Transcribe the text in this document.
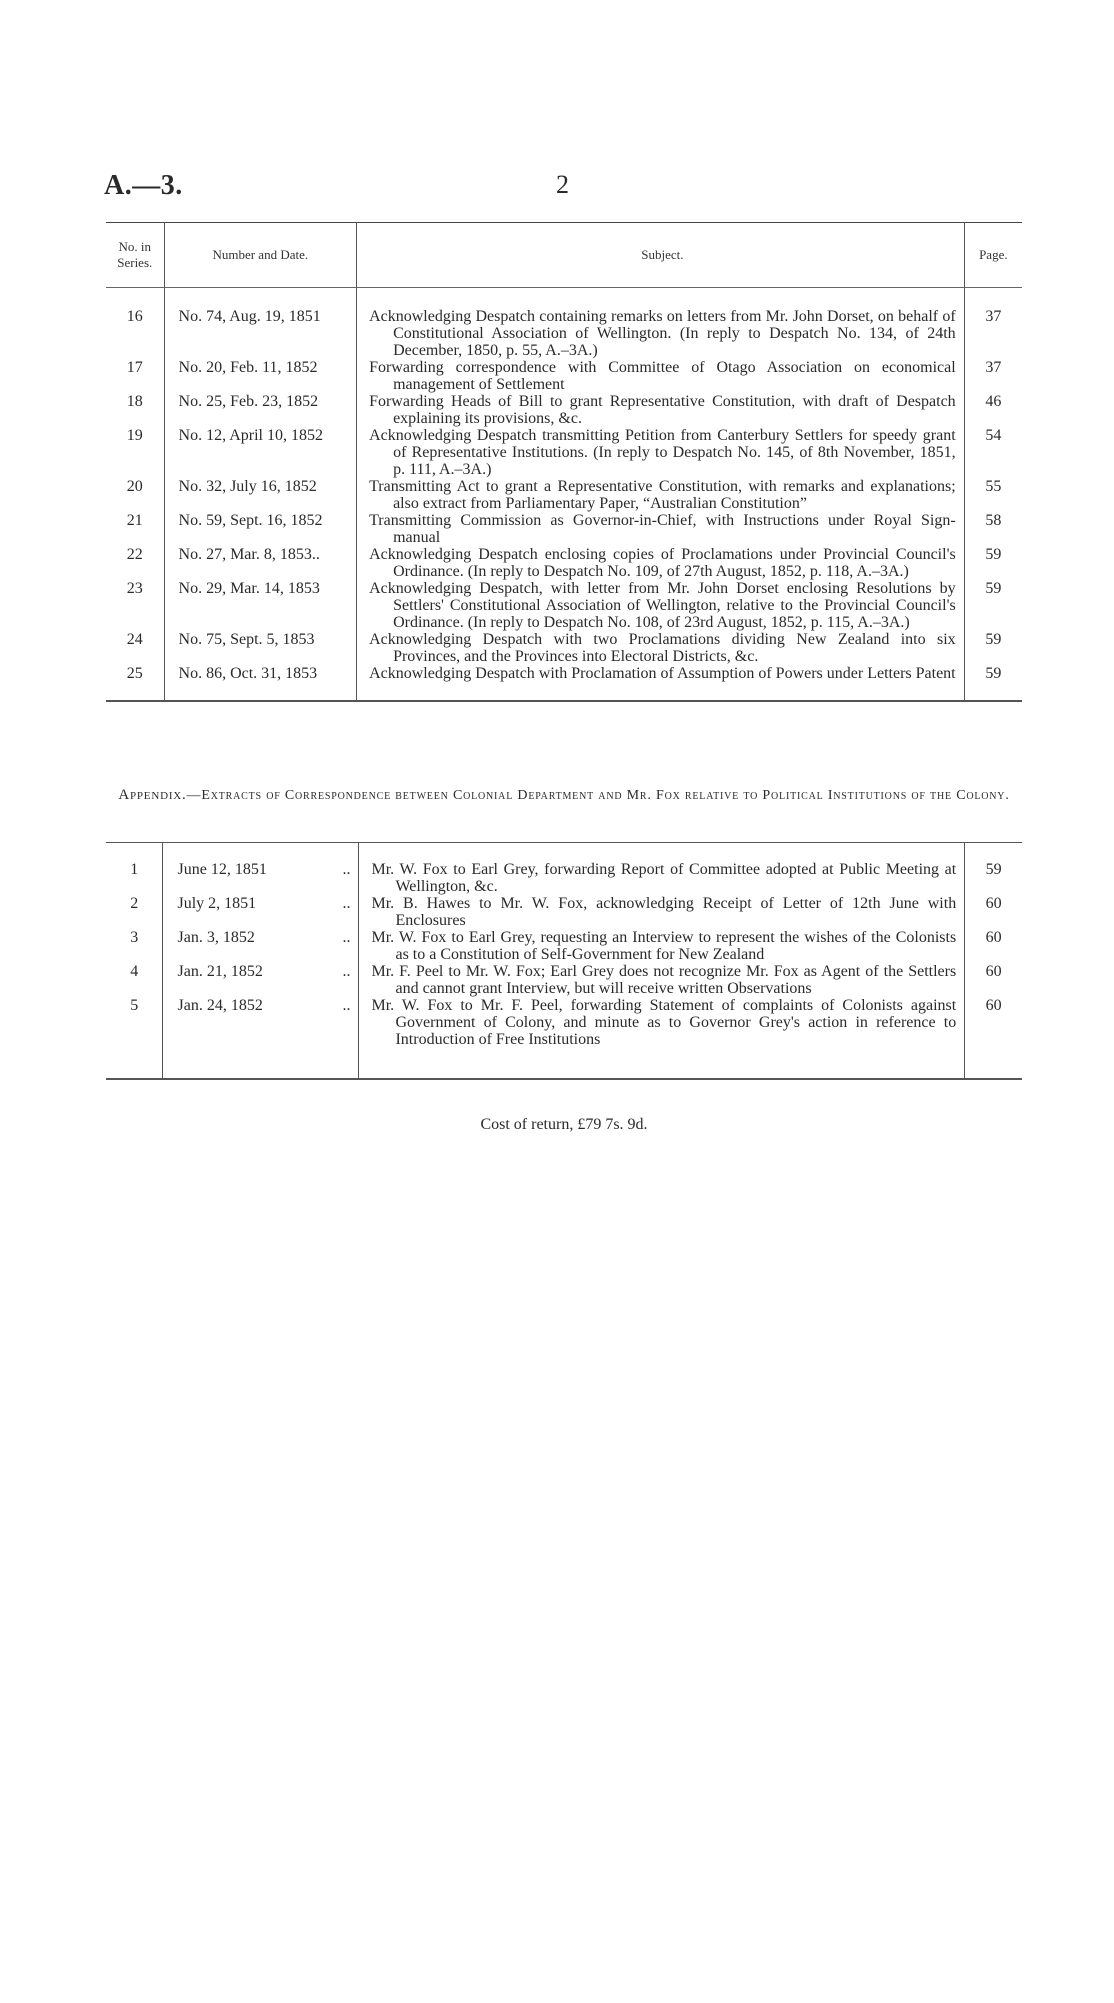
A.—3.	2
No. in Series.	Number and Date.	Subject.	Page.
16	No. 74, Aug. 19, 1851	Acknowledging Despatch containing remarks on letters from Mr. John Dorset, on behalf of Constitutional Association of Wellington. (In reply to Despatch No. 134, of 24th December, 1850, p. 55, A.–3A.)	37
17	No. 20, Feb. 11, 1852	Forwarding correspondence with Committee of Otago Association on economical management of Settlement	37
18	No. 25, Feb. 23, 1852	Forwarding Heads of Bill to grant Representative Constitution, with draft of Despatch explaining its provisions, &c.	46
19	No. 12, April 10, 1852	Acknowledging Despatch transmitting Petition from Canterbury Settlers for speedy grant of Representative Institutions. (In reply to Despatch No. 145, of 8th November, 1851, p. 111, A.–3A.)	54
20	No. 32, July 16, 1852	Transmitting Act to grant a Representative Constitution, with remarks and explanations; also extract from Parliamentary Paper, “Australian Constitution”	55
21	No. 59, Sept. 16, 1852	Transmitting Commission as Governor-in-Chief, with Instructions under Royal Sign-manual	58
22	No. 27, Mar. 8, 1853..	Acknowledging Despatch enclosing copies of Proclamations under Provincial Council's Ordinance. (In reply to Despatch No. 109, of 27th August, 1852, p. 118, A.–3A.)	59
23	No. 29, Mar. 14, 1853	Acknowledging Despatch, with letter from Mr. John Dorset enclosing Resolutions by Settlers' Constitutional Association of Wellington, relative to the Provincial Council's Ordinance. (In reply to Despatch No. 108, of 23rd August, 1852, p. 115, A.–3A.)	59
24	No. 75, Sept. 5, 1853	Acknowledging Despatch with two Proclamations dividing New Zealand into six Provinces, and the Provinces into Electoral Districts, &c.	59
25	No. 86, Oct. 31, 1853	Acknowledging Despatch with Proclamation of Assumption of Powers under Letters Patent	59
Appendix.—Extracts of Correspondence between Colonial Department and Mr. Fox relative to Political Institutions of the Colony.
1	June 12, 1851 ..	Mr. W. Fox to Earl Grey, forwarding Report of Committee adopted at Public Meeting at Wellington, &c.	59
2	July 2, 1851 ..	Mr. B. Hawes to Mr. W. Fox, acknowledging Receipt of Letter of 12th June with Enclosures	60
3	Jan. 3, 1852 ..	Mr. W. Fox to Earl Grey, requesting an Interview to represent the wishes of the Colonists as to a Constitution of Self-Government for New Zealand	60
4	Jan. 21, 1852 ..	Mr. F. Peel to Mr. W. Fox; Earl Grey does not recognize Mr. Fox as Agent of the Settlers and cannot grant Interview, but will receive written Observations	60
5	Jan. 24, 1852 ..	Mr. W. Fox to Mr. F. Peel, forwarding Statement of complaints of Colonists against Government of Colony, and minute as to Governor Grey's action in reference to Introduction of Free Institutions	60
Cost of return, £79 7s. 9d.
